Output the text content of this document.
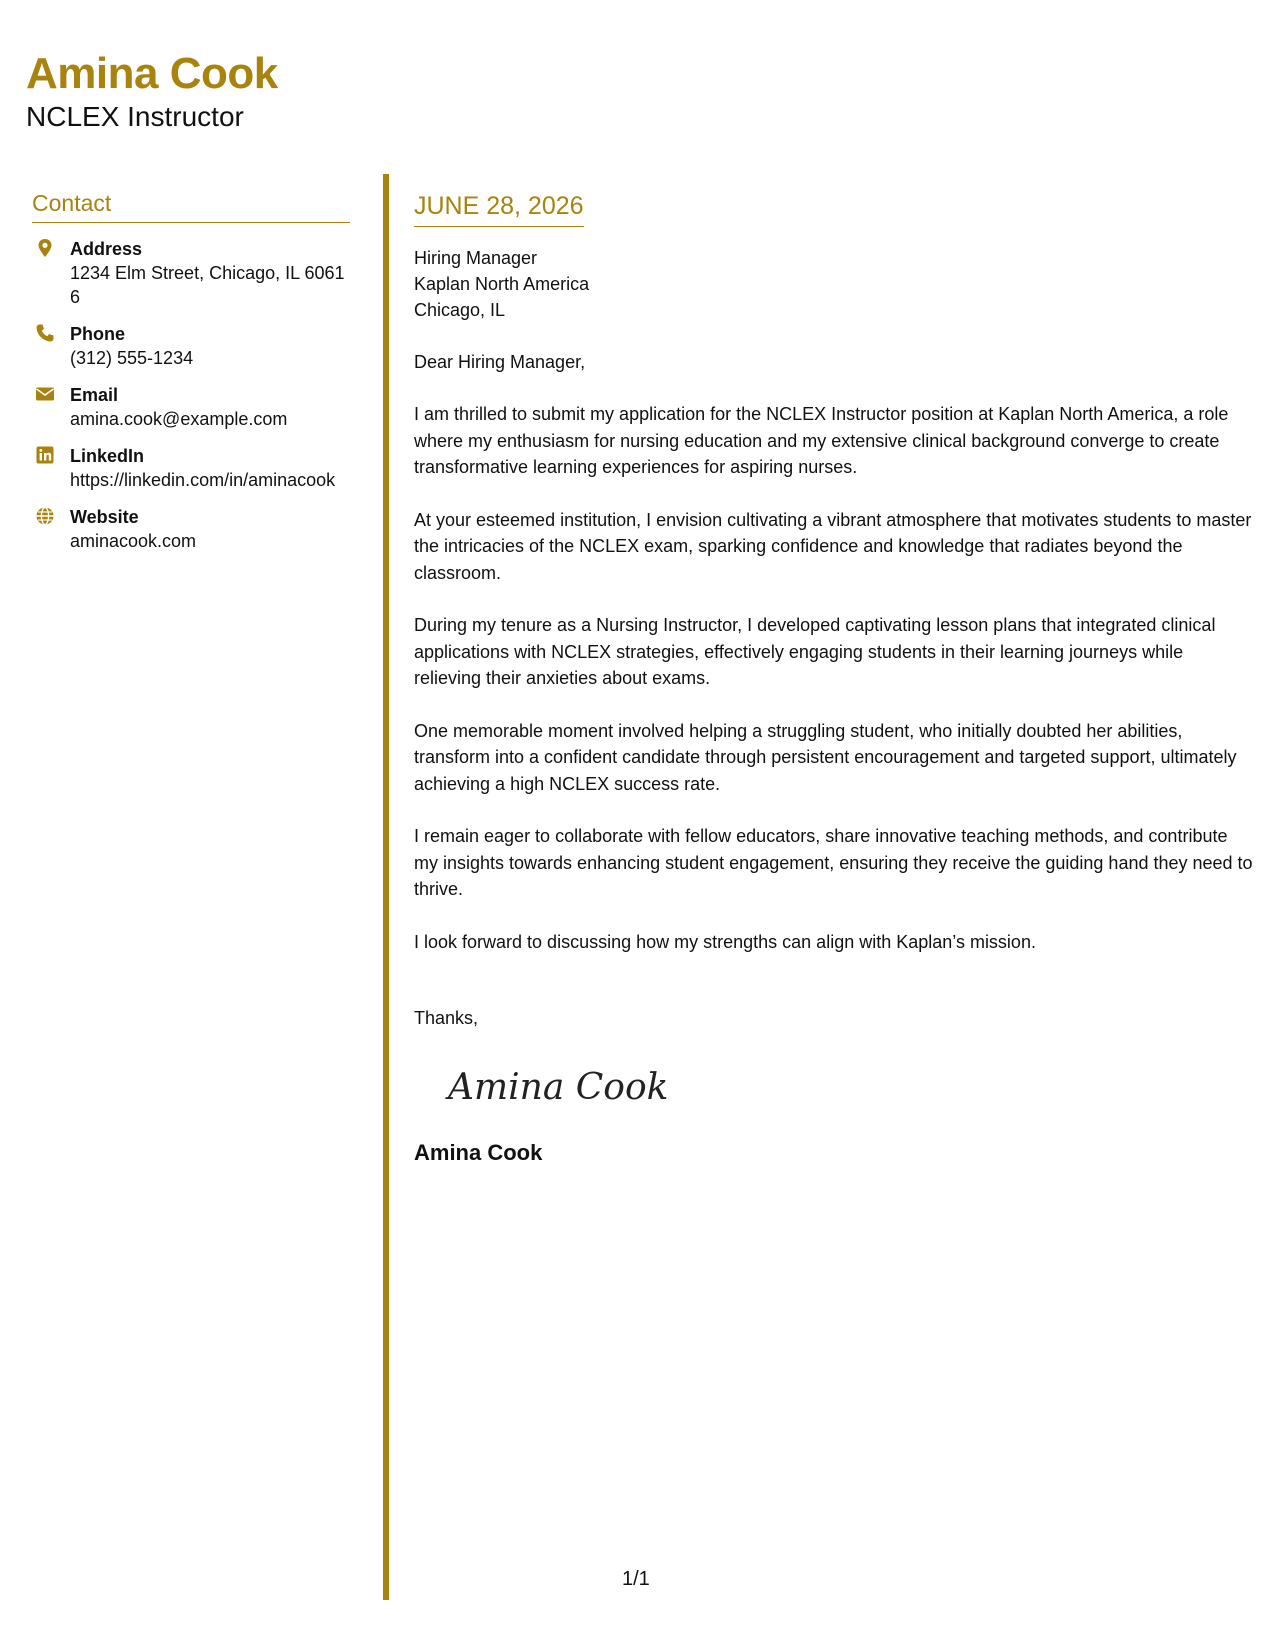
Amina Cook
NCLEX Instructor
Contact
Address
1234 Elm Street, Chicago, IL 60616
Phone
(312) 555-1234
Email
amina.cook@example.com
LinkedIn
https://linkedin.com/in/aminacook
Website
aminacook.com
JUNE 28, 2026
Hiring Manager
Kaplan North America
Chicago, IL
Dear Hiring Manager,
I am thrilled to submit my application for the NCLEX Instructor position at Kaplan North America, a role where my enthusiasm for nursing education and my extensive clinical background converge to create transformative learning experiences for aspiring nurses.
At your esteemed institution, I envision cultivating a vibrant atmosphere that motivates students to master the intricacies of the NCLEX exam, sparking confidence and knowledge that radiates beyond the classroom.
During my tenure as a Nursing Instructor, I developed captivating lesson plans that integrated clinical applications with NCLEX strategies, effectively engaging students in their learning journeys while relieving their anxieties about exams.
One memorable moment involved helping a struggling student, who initially doubted her abilities, transform into a confident candidate through persistent encouragement and targeted support, ultimately achieving a high NCLEX success rate.
I remain eager to collaborate with fellow educators, share innovative teaching methods, and contribute my insights towards enhancing student engagement, ensuring they receive the guiding hand they need to thrive.
I look forward to discussing how my strengths can align with Kaplan’s mission.
Thanks,
Amina Cook
Amina Cook
1/1
